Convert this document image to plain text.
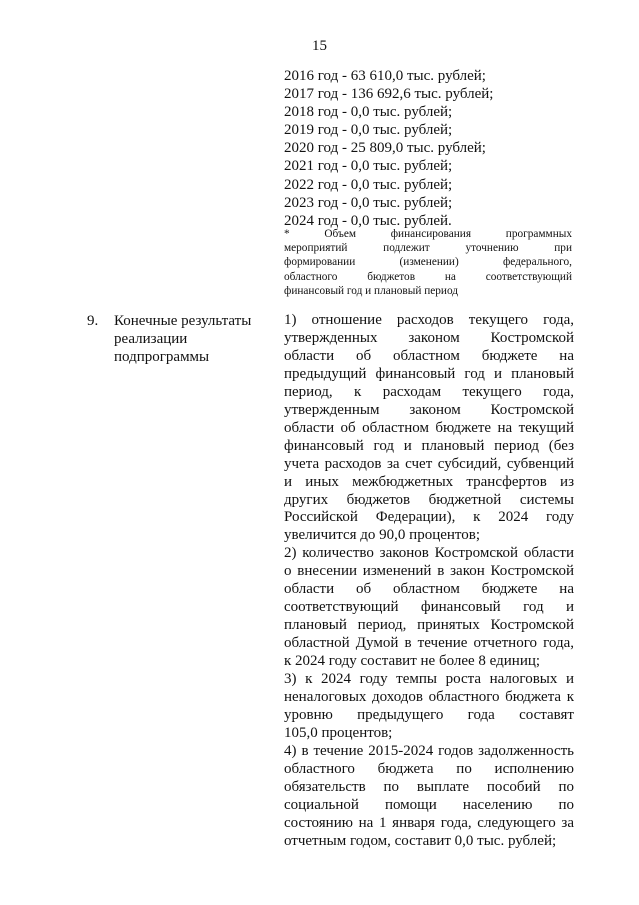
15
2016 год - 63 610,0 тыс. рублей;
2017 год - 136 692,6 тыс. рублей;
2018 год - 0,0 тыс. рублей;
2019 год - 0,0 тыс. рублей;
2020 год - 25 809,0 тыс. рублей;
2021 год - 0,0 тыс. рублей;
2022 год - 0,0 тыс. рублей;
2023 год - 0,0 тыс. рублей;
2024 год - 0,0 тыс. рублей.
* Объем финансирования программных
мероприятий подлежит уточнению при
формировании (изменении) федерального,
областного бюджетов на соответствующий
финансовый год и плановый период
9. Конечные результаты
реализации
подпрограммы
1) отношение расходов текущего года,
утвержденных законом Костромской
области об областном бюджете на
предыдущий финансовый год и плановый
период, к расходам текущего года,
утвержденным законом Костромской
области об областном бюджете на текущий
финансовый год и плановый период (без
учета расходов за счет субсидий, субвенций
и иных межбюджетных трансфертов из
других бюджетов бюджетной системы
Российской Федерации), к 2024 году
увеличится до 90,0 процентов;
2) количество законов Костромской области
о внесении изменений в закон Костромской
области об областном бюджете на
соответствующий финансовый год и
плановый период, принятых Костромской
областной Думой в течение отчетного года,
к 2024 году составит не более 8 единиц;
3) к 2024 году темпы роста налоговых и
неналоговых доходов областного бюджета к
уровню предыдущего года составят
105,0 процентов;
4) в течение 2015-2024 годов задолженность
областного бюджета по исполнению
обязательств по выплате пособий по
социальной помощи населению по
состоянию на 1 января года, следующего за
отчетным годом, составит 0,0 тыс. рублей;
